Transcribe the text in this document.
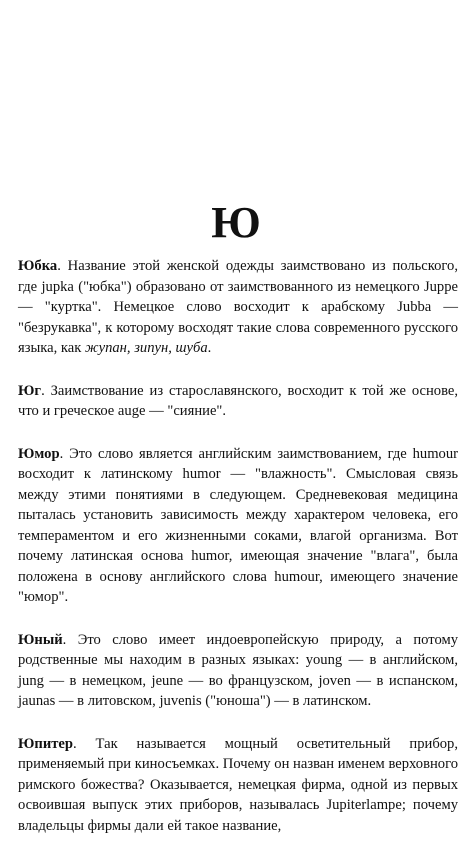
Ю

Юбка. Название этой женской одежды заимствовано из польского, где jupka ("юбка") образовано от заимствованного из немецкого Juppe — "куртка". Немецкое слово восходит к арабскому Jubba — "безрукавка", к которому восходят такие слова современного русского языка, как жупан, зипун, шуба.

Юг. Заимствование из старославянского, восходит к той же основе, что и греческое auge — "сияние".

Юмор. Это слово является английским заимствованием, где humour восходит к латинскому humor — "влажность". Смысловая связь между этими понятиями в следующем. Средневековая медицина пыталась установить зависимость между характером человека, его темпераментом и его жизненными соками, влагой организма. Вот почему латинская основа humor, имеющая значение "влага", была положена в основу английского слова humour, имеющего значение "юмор".

Юный. Это слово имеет индоевропейскую природу, а потому родственные мы находим в разных языках: young — в английском, jung — в немецком, jeune — во французском, joven — в испанском, jaunas — в литовском, juvenis ("юноша") — в латинском.

Юпитер. Так называется мощный осветительный прибор, применяемый при киносъемках. Почему он назван именем верховного римского божества? Оказывается, немецкая фирма, одной из первых освоившая выпуск этих приборов, называлась Jupiterlampe; почему владельцы фирмы дали ей такое название,
